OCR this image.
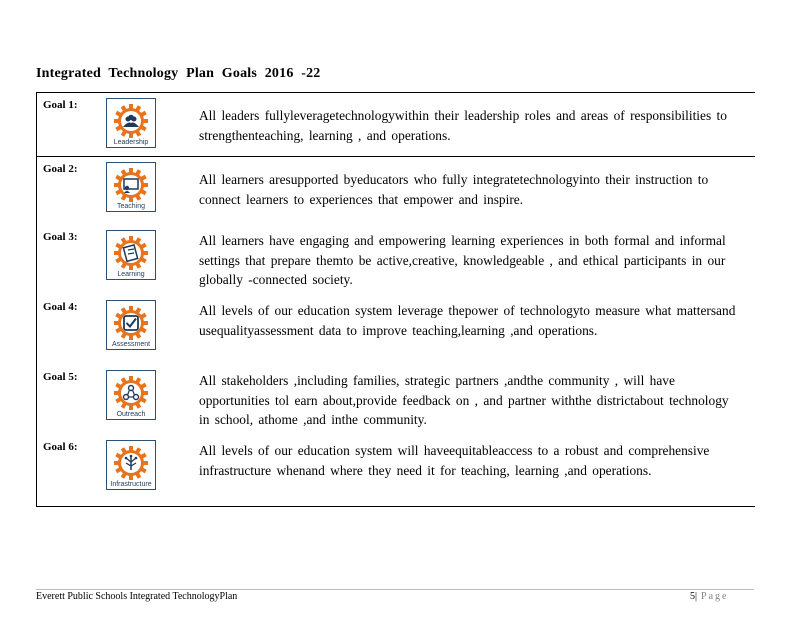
Integrated Technology Plan Goals 2016 -22
Goal 1:
Leadership
All leaders fullyleveragetechnologywithin their leadership roles and areas of responsibilities to strengthenteaching, learning , and operations.
Goal 2:
Teaching
All learners aresupported byeducators who fully integratetechnologyinto their instruction to connect learners to experiences that empower and inspire.
Goal 3:
Learning
All learners have engaging and empowering learning experiences in both formal and informal settings that prepare themto be active,creative, knowledgeable , and ethical participants in our globally -connected society.
Goal 4:
Assessment
All levels of our education system leverage thepower of technologyto measure what mattersand usequalityassessment data to improve teaching,learning ,and operations.
Goal 5:
Outreach
All stakeholders ,including families, strategic partners ,andthe community , will have opportunities tol earn about,provide feedback on , and partner withthe districtabout technology in school, athome ,and inthe community.
Goal 6:
Infrastructure
All levels of our education system will haveequitableaccess to a robust and comprehensive infrastructure whenand where they need it for teaching, learning ,and operations.
Everett Public Schools Integrated TechnologyPlan	5| Page
